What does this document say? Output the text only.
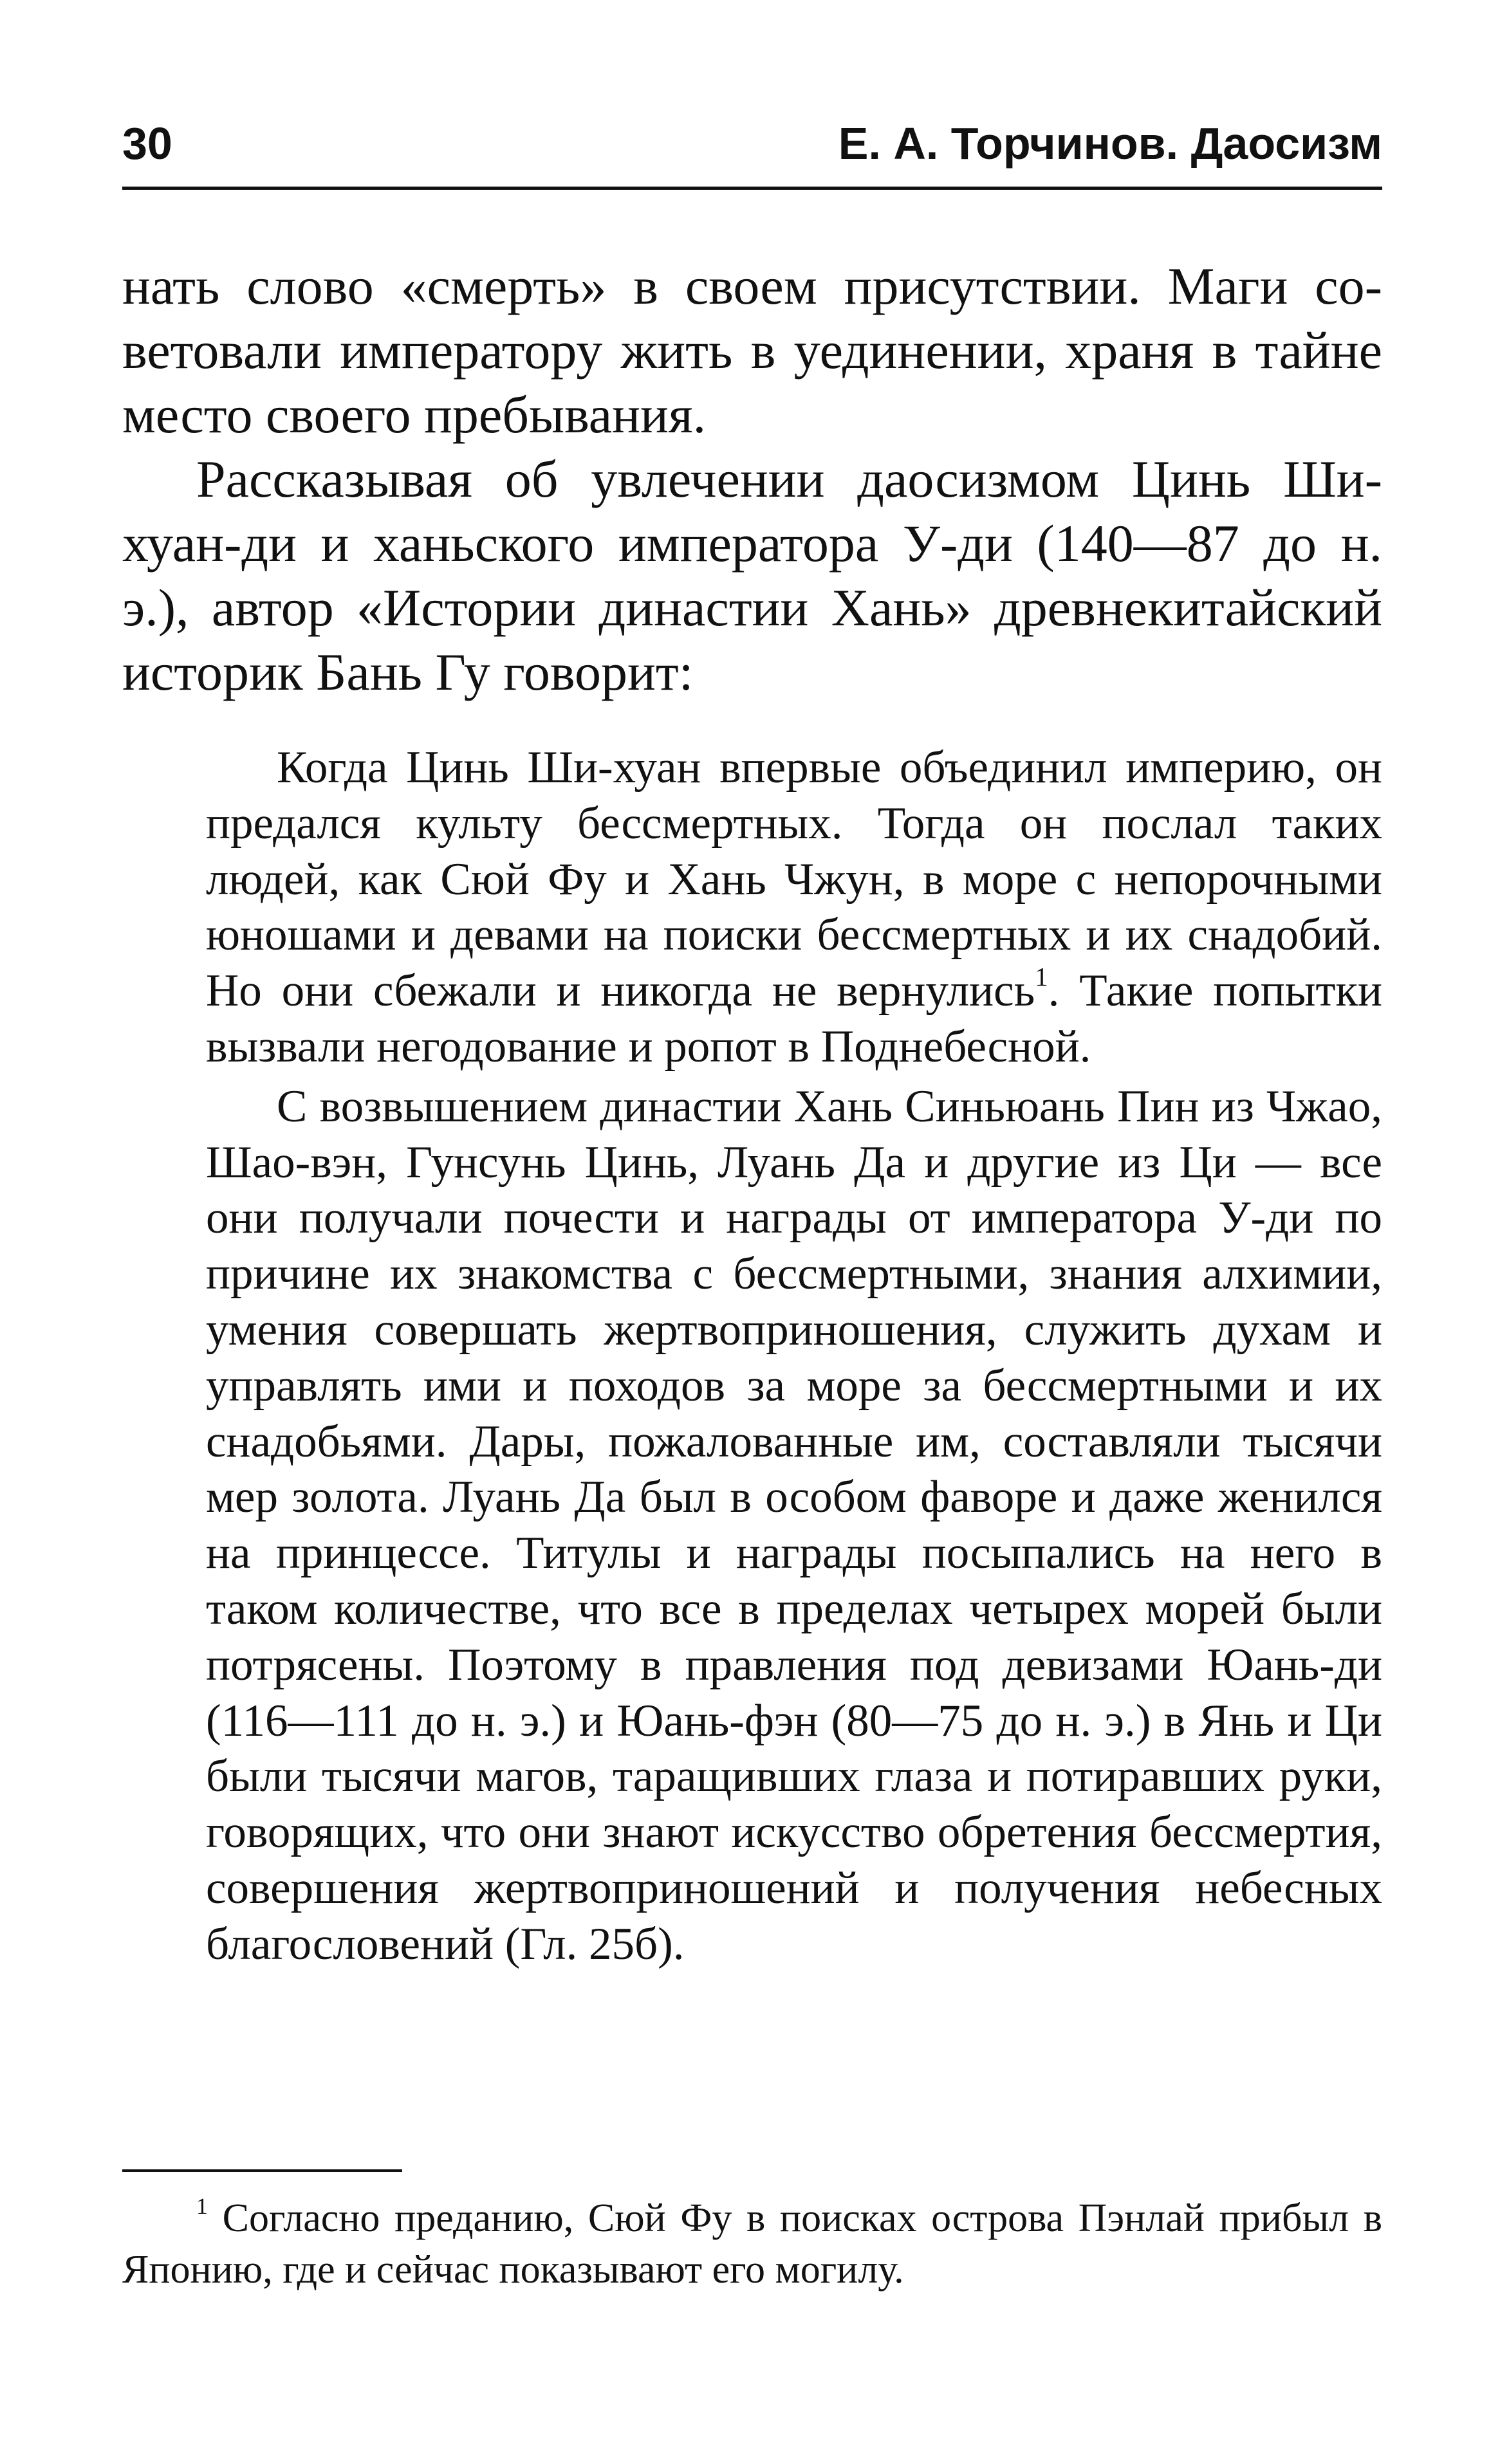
30	Е. А. Торчинов. Даосизм

нать слово «смерть» в своем присутствии. Маги советовали императору жить в уединении, храня в тайне место своего пребывания.

Рассказывая об увлечении даосизмом Цинь Шихуан-ди и ханьского императора У-ди (140—87 до н. э.), автор «Истории династии Хань» древнекитайский историк Бань Гу говорит:

Когда Цинь Ши-хуан впервые объединил империю, он предался культу бессмертных. Тогда он послал таких людей, как Сюй Фу и Хань Чжун, в море с непорочными юношами и девами на поиски бессмертных и их снадобий. Но они сбежали и никогда не вернулись$^1$. Такие попытки вызвали негодование и ропот в Поднебесной.

С возвышением династии Хань Синьюань Пин из Чжао, Шао-вэн, Гунсунь Цинь, Луань Да и другие из Ци — все они получали почести и награды от императора У-ди по причине их знакомства с бессмертными, знания алхимии, умения совершать жертвоприношения, служить духам и управлять ими и походов за море за бессмертными и их снадобьями. Дары, пожалованные им, составляли тысячи мер золота. Луань Да был в особом фаворе и даже женился на принцессе. Титулы и награды посыпались на него в таком количестве, что все в пределах четырех морей были потрясены. Поэтому в правления под девизами Юань-ди (116—111 до н. э.) и Юань-фэн (80—75 до н. э.) в Янь и Ци были тысячи магов, таращивших глаза и потиравших руки, говорящих, что они знают искусство обретения бессмертия, совершения жертвоприношений и получения небесных благословений (Гл. 25б).

$^1$ Согласно преданию, Сюй Фу в поисках острова Пэнлай прибыл в Японию, где и сейчас показывают его могилу.
